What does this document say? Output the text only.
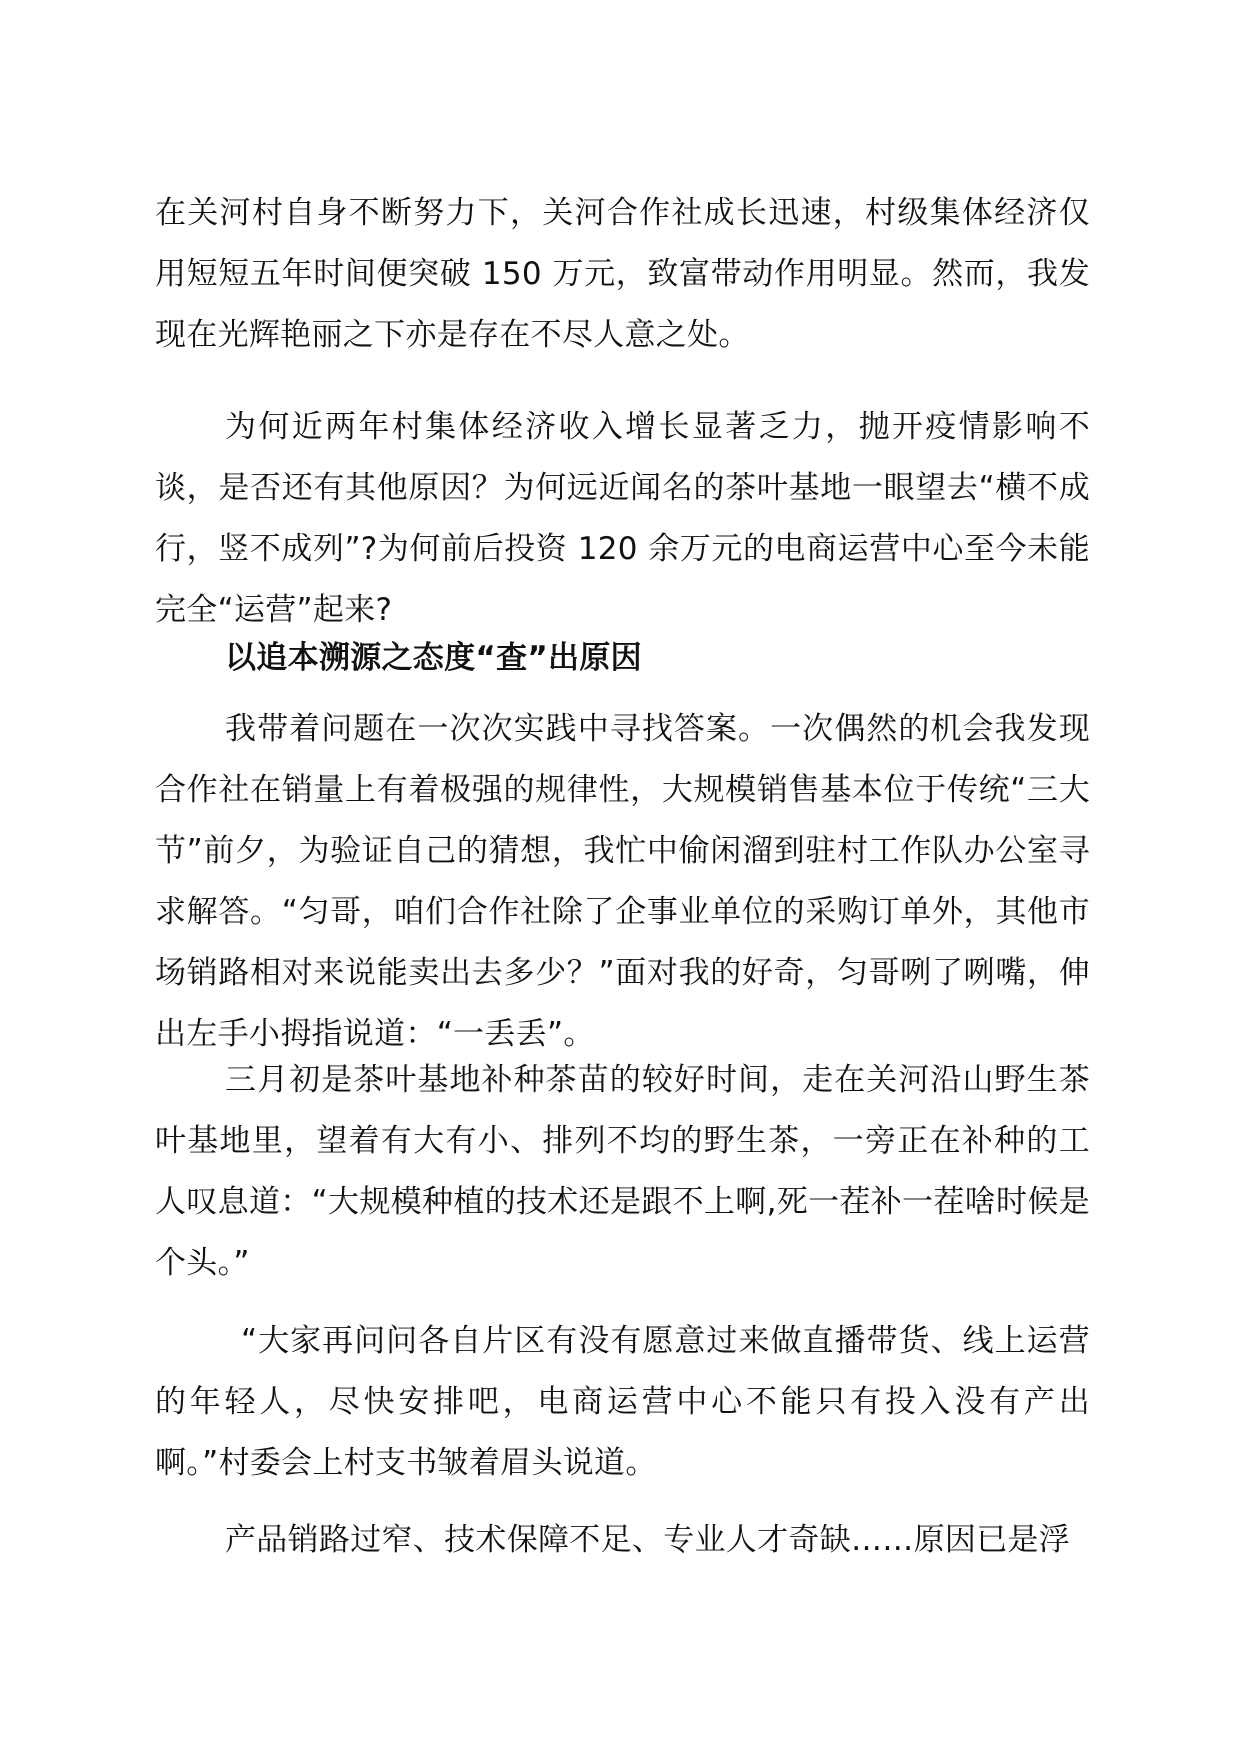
在关河村自身不断努力下，关河合作社成长迅速，村级集体经济仅用短短五年时间便突破 150 万元，致富带动作用明显。然而，我发现在光辉艳丽之下亦是存在不尽人意之处。

为何近两年村集体经济收入增长显著乏力，抛开疫情影响不谈，是否还有其他原因？为何远近闻名的茶叶基地一眼望去“横不成行，竖不成列”?为何前后投资 120 余万元的电商运营中心至今未能完全“运营”起来?

以追本溯源之态度“查”出原因

我带着问题在一次次实践中寻找答案。一次偶然的机会我发现合作社在销量上有着极强的规律性，大规模销售基本位于传统“三大节”前夕，为验证自己的猜想，我忙中偷闲溜到驻村工作队办公室寻求解答。“匀哥，咱们合作社除了企事业单位的采购订单外，其他市场销路相对来说能卖出去多少？”面对我的好奇，匀哥咧了咧嘴，伸出左手小拇指说道：“一丢丢”。

三月初是茶叶基地补种茶苗的较好时间，走在关河沿山野生茶叶基地里，望着有大有小、排列不均的野生茶，一旁正在补种的工人叹息道：“大规模种植的技术还是跟不上啊,死一茬补一茬啥时候是个头。”

“大家再问问各自片区有没有愿意过来做直播带货、线上运营的年轻人，尽快安排吧，电商运营中心不能只有投入没有产出啊。”村委会上村支书皱着眉头说道。

产品销路过窄、技术保障不足、专业人才奇缺……原因已是浮
